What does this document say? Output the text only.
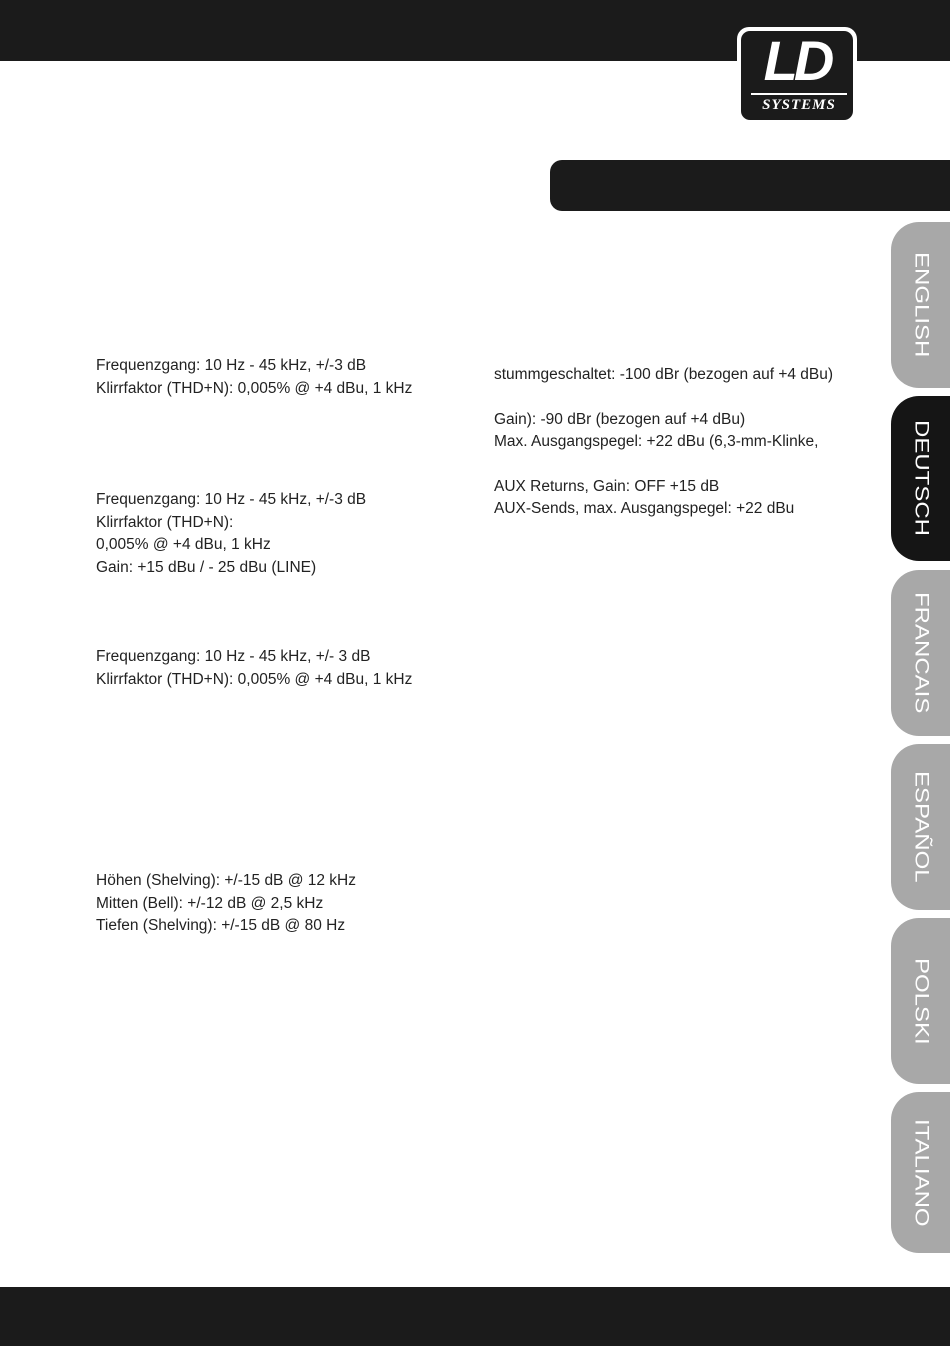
LD
SYSTEMS
ENGLISH
DEUTSCH
FRANCAIS
ESPAÑOL
POLSKI
ITALIANO
Frequenzgang: 10 Hz - 45 kHz, +/-3 dB
Klirrfaktor (THD+N): 0,005% @ +4 dBu, 1 kHz
Frequenzgang: 10 Hz - 45 kHz, +/-3 dB
Klirrfaktor (THD+N):
0,005% @ +4 dBu, 1 kHz
Gain: +15 dBu / - 25 dBu (LINE)
Frequenzgang: 10 Hz - 45 kHz, +/- 3 dB
Klirrfaktor (THD+N): 0,005% @ +4 dBu, 1 kHz
Höhen (Shelving): +/-15 dB @ 12 kHz
Mitten (Bell): +/-12 dB @ 2,5 kHz
Tiefen (Shelving): +/-15 dB @ 80 Hz
stummgeschaltet: -100 dBr (bezogen auf +4 dBu)
Gain): -90 dBr (bezogen auf +4 dBu)
Max. Ausgangspegel: +22 dBu (6,3-mm-Klinke,
AUX Returns, Gain: OFF +15 dB
AUX-Sends, max. Ausgangspegel: +22 dBu
